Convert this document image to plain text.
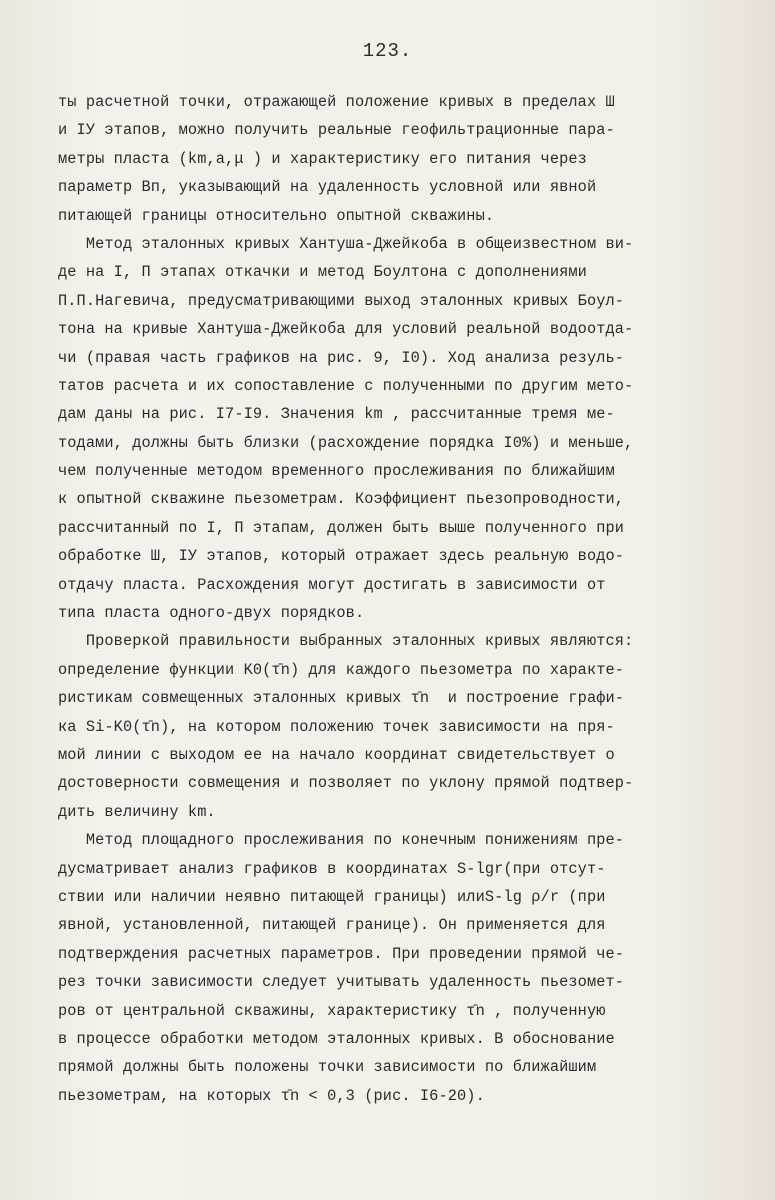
123.
ты расчетной точки, отражающей положение кривых в пределах Ш
и IУ этапов, можно получить реальные геофильтрационные пара-
метры пласта (km,a,μ ) и характеристику его питания через
параметр Bп, указывающий на удаленность условной или явной
питающей границы относительно опытной скважины.
Метод эталонных кривых Хантуша-Джейкоба в общеизвестном ви-
де на I, П этапах откачки и метод Боултона с дополнениями
П.П.Нагевича, предусматривающими выход эталонных кривых Боул-
тона на кривые Хантуша-Джейкоба для условий реальной водоотда-
чи (правая часть графиков на рис. 9, I0). Ход анализа резуль-
татов расчета и их сопоставление с полученными по другим мето-
дам даны на рис. I7-I9. Значения km , рассчитанные тремя ме-
тодами, должны быть близки (расхождение порядка I0%) и меньше,
чем полученные методом временного прослеживания по ближайшим
к опытной скважине пьезометрам. Коэффициент пьезопроводности,
рассчитанный по I, П этапам, должен быть выше полученного при
обработке Ш, IУ этапов, который отражает здесь реальную водо-
отдачу пласта. Расхождения могут достигать в зависимости от
типа пласта одного-двух порядков.
Проверкой правильности выбранных эталонных кривых являются:
определение функции K0(τ̄n) для каждого пьезометра по характе-
ристикам совмещенных эталонных кривых τ̄n  и построение графи-
ка Si-K0(τ̄n), на котором положению точек зависимости на пря-
мой линии с выходом ее на начало координат свидетельствует о
достоверности совмещения и позволяет по уклону прямой подтвер-
дить величину km.
Метод площадного прослеживания по конечным понижениям пре-
дусматривает анализ графиков в координатах S-lgr(при отсут-
ствии или наличии неявно питающей границы) илиS-lg ρ/r (при
явной, установленной, питающей границе). Он применяется для
подтверждения расчетных параметров. При проведении прямой че-
рез точки зависимости следует учитывать удаленность пьезомет-
ров от центральной скважины, характеристику τ̄n , полученную
в процессе обработки методом эталонных кривых. В обоснование
прямой должны быть положены точки зависимости по ближайшим
пьезометрам, на которых τ̄n < 0,3 (рис. I6-20).
